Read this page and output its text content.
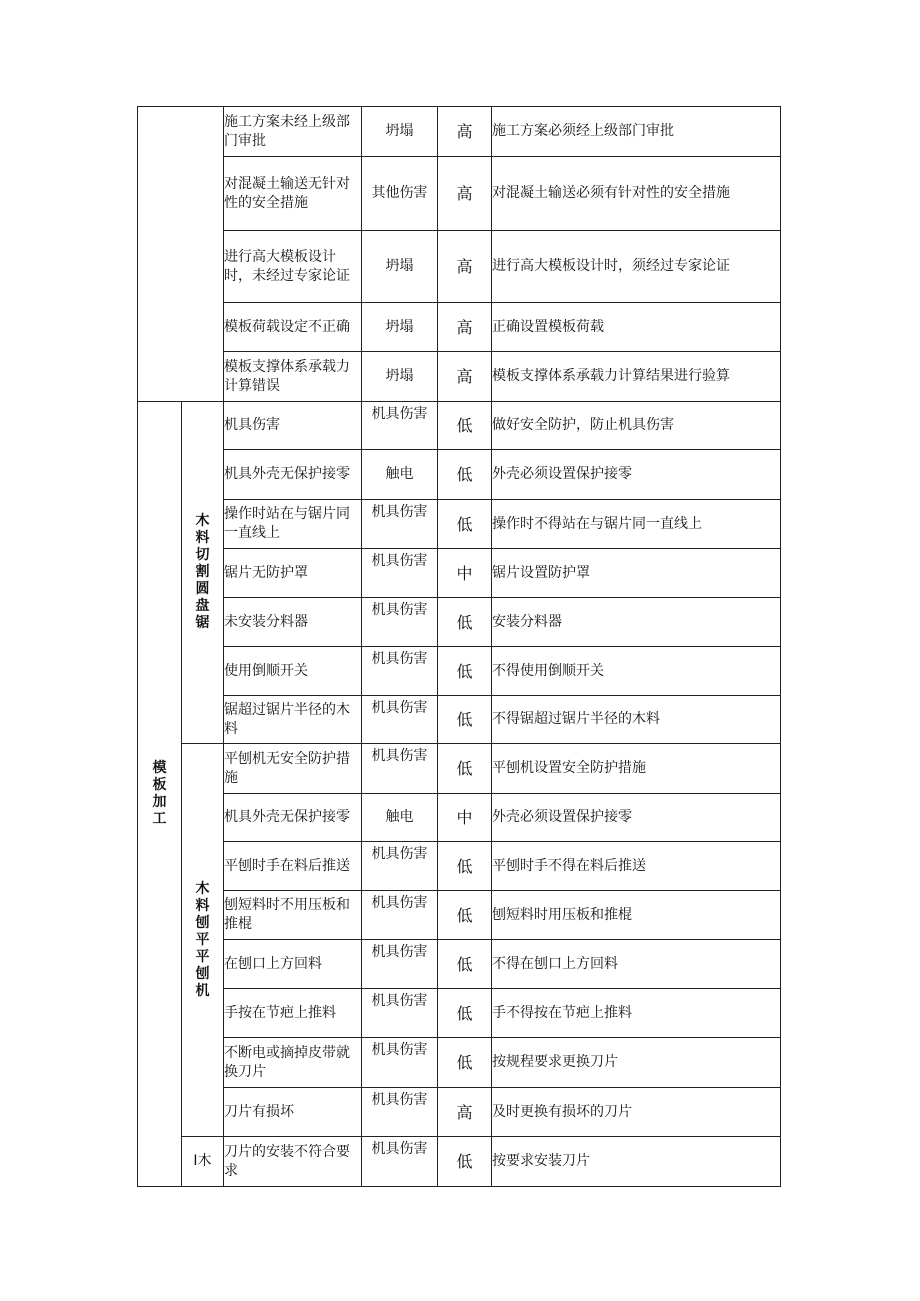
		施工方案未经上级部门审批	坍塌	高	施工方案必须经上级部门审批
		对混凝土输送无针对性的安全措施	其他伤害	高	对混凝土输送必须有针对性的安全措施
		进行高大模板设计时，未经过专家论证	坍塌	高	进行高大模板设计时，须经过专家论证
		模板荷载设定不正确	坍塌	高	正确设置模板荷载
		模板支撑体系承载力计算错误	坍塌	高	模板支撑体系承载力计算结果进行验算

模板加工	木料切割圆盘锯	机具伤害	机具伤害	低	做好安全防护，防止机具伤害
		机具外壳无保护接零	触电	低	外壳必须设置保护接零
		操作时站在与锯片同一直线上	机具伤害	低	操作时不得站在与锯片同一直线上
		锯片无防护罩	机具伤害	中	锯片设置防护罩
		未安装分料器	机具伤害	低	安装分料器
		使用倒顺开关	机具伤害	低	不得使用倒顺开关
		锯超过锯片半径的木料	机具伤害	低	不得锯超过锯片半径的木料

	木料刨平平刨机	平刨机无安全防护措施	机具伤害	低	平刨机设置安全防护措施
		机具外壳无保护接零	触电	中	外壳必须设置保护接零
		平刨时手在料后推送	机具伤害	低	平刨时手不得在料后推送
		刨短料时不用压板和推棍	机具伤害	低	刨短料时用压板和推棍
		在刨口上方回料	机具伤害	低	不得在刨口上方回料
		手按在节疤上推料	机具伤害	低	手不得按在节疤上推料
		不断电或摘掉皮带就换刀片	机具伤害	低	按规程要求更换刀片
		刀片有损坏	机具伤害	高	及时更换有损坏的刀片
	I木	刀片的安装不符合要求	机具伤害	低	按要求安装刀片
